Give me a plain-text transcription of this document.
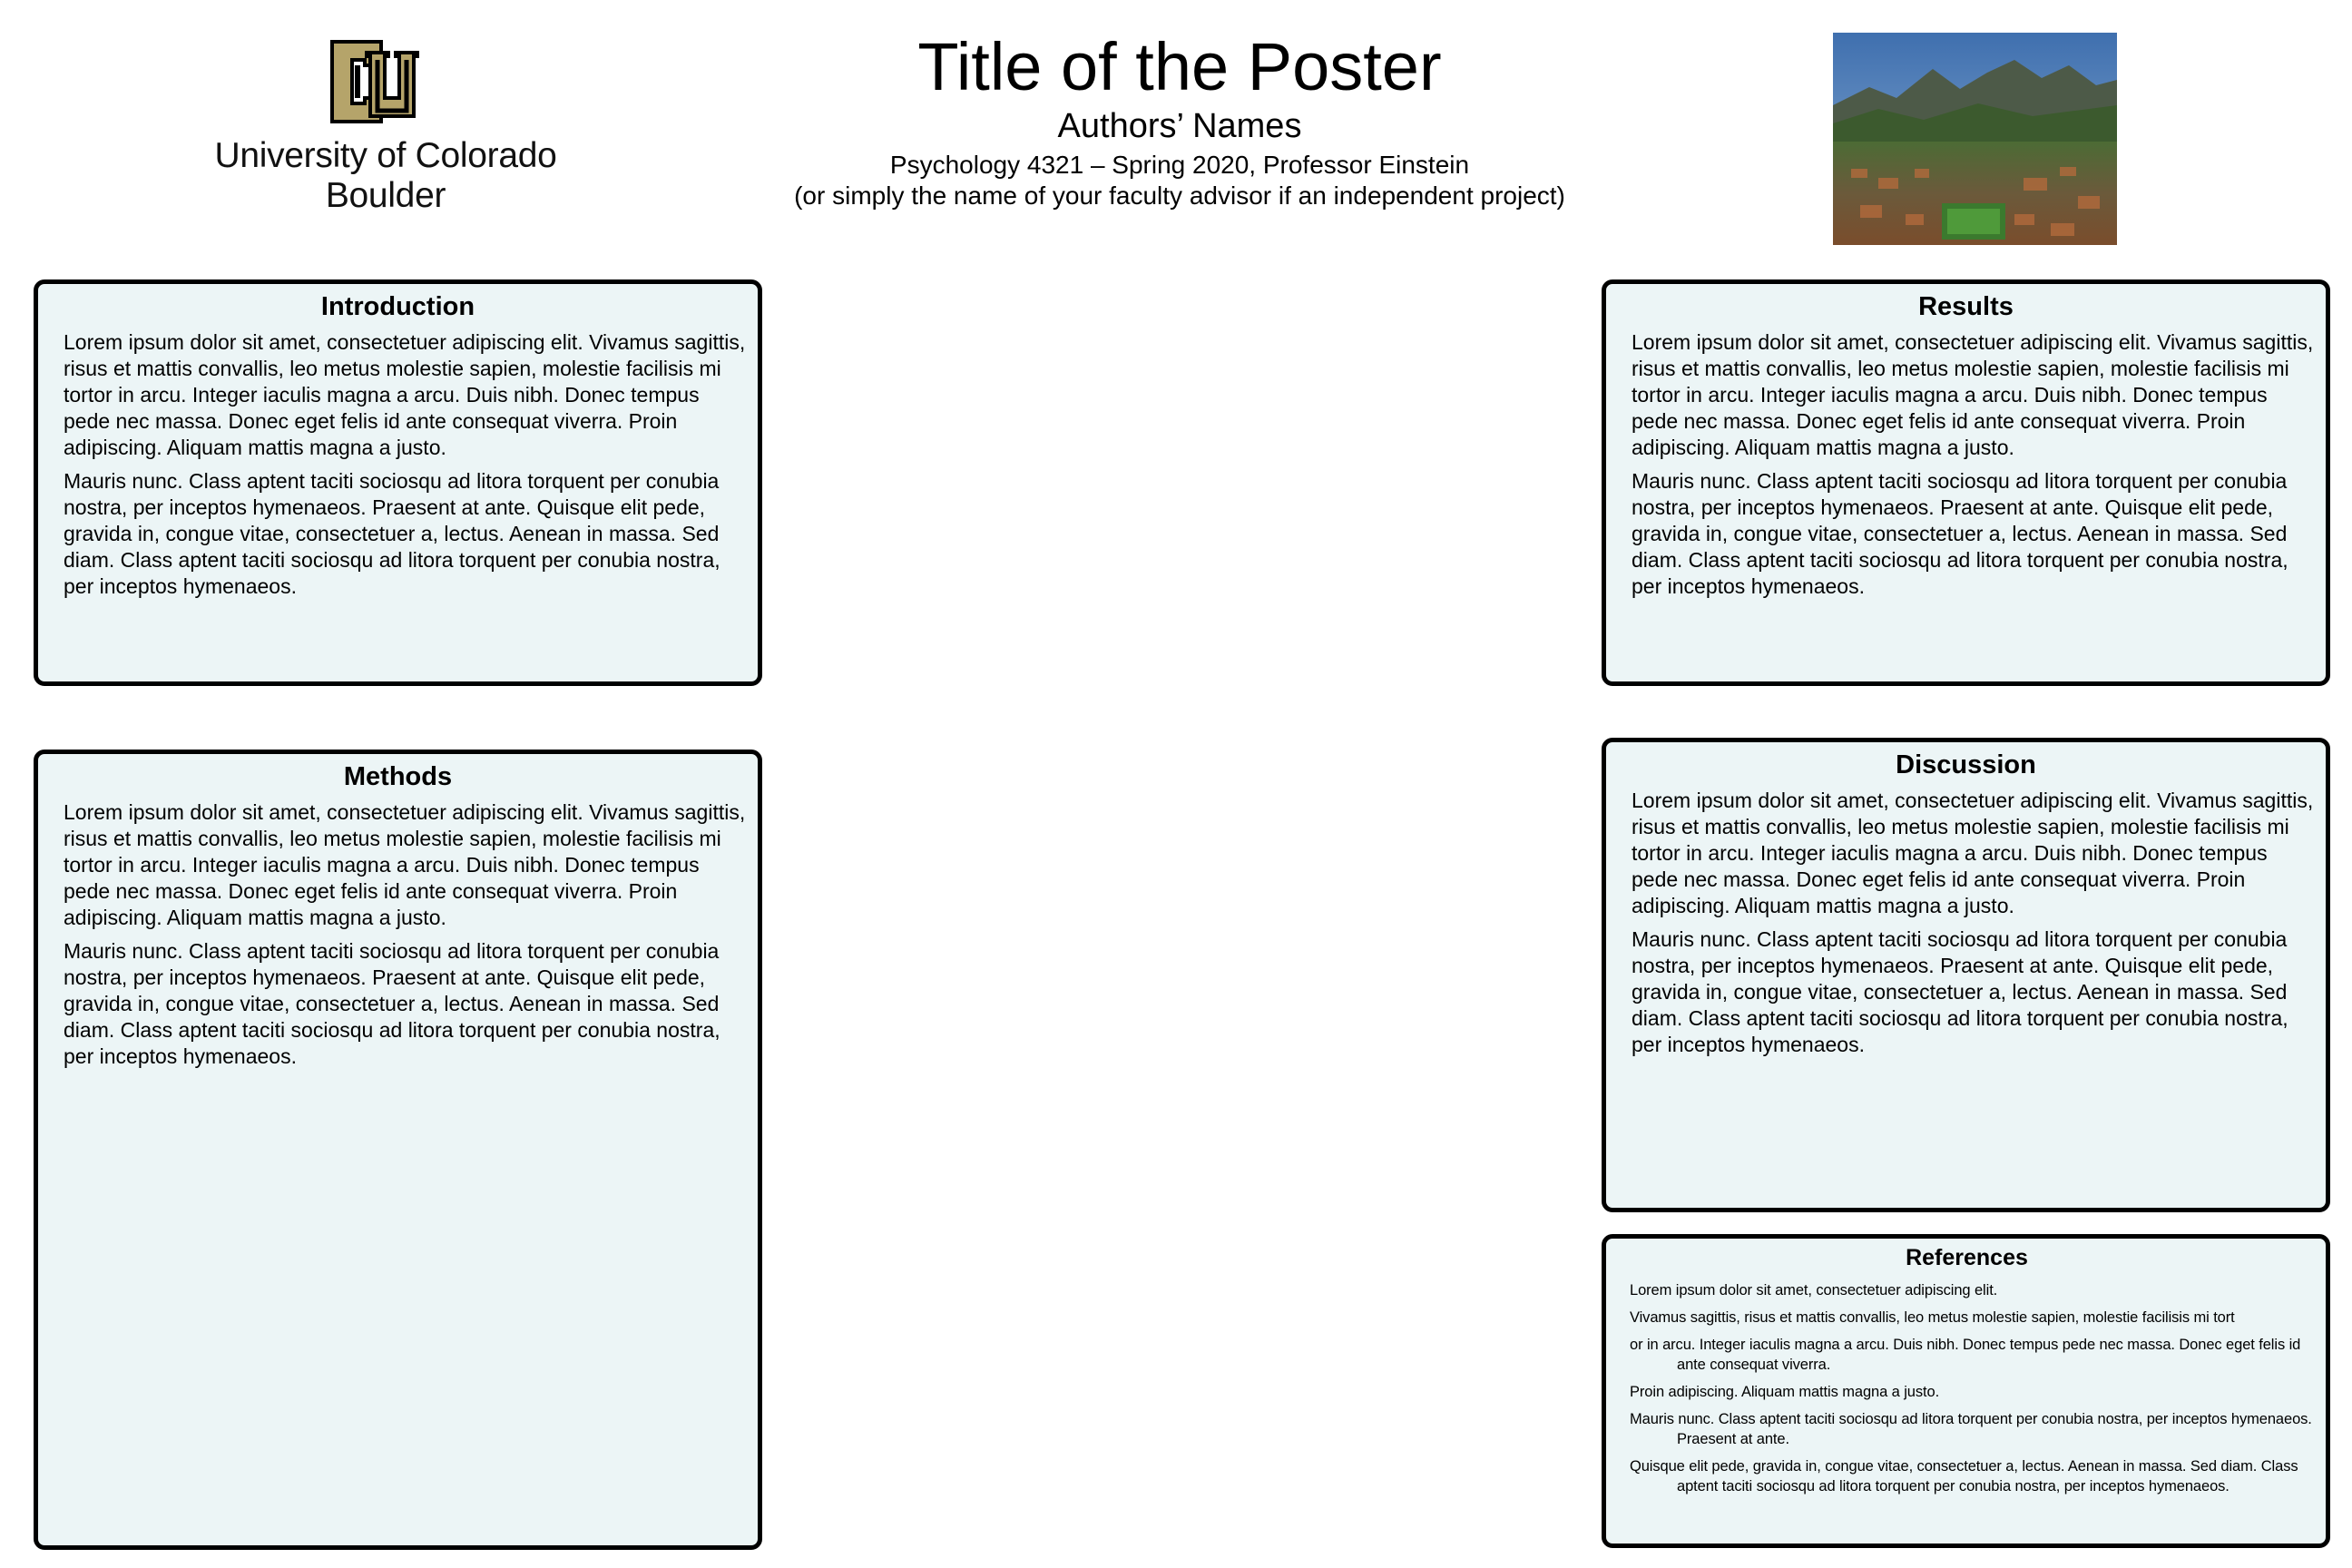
University of Colorado
Boulder
Title of the Poster
Authors’ Names
Psychology 4321 – Spring 2020, Professor Einstein
(or simply the name of your faculty advisor if an independent project)
Introduction

Lorem ipsum dolor sit amet, consectetuer adipiscing elit. Vivamus sagittis, risus et mattis convallis, leo metus molestie sapien, molestie facilisis mi tortor in arcu. Integer iaculis magna a arcu. Duis nibh. Donec tempus pede nec massa. Donec eget felis id ante consequat viverra. Proin adipiscing. Aliquam mattis magna a justo.

Mauris nunc. Class aptent taciti sociosqu ad litora torquent per conubia nostra, per inceptos hymenaeos. Praesent at ante. Quisque elit pede, gravida in, congue vitae, consectetuer a, lectus. Aenean in massa. Sed diam. Class aptent taciti sociosqu ad litora torquent per conubia nostra, per inceptos hymenaeos.

Methods

Lorem ipsum dolor sit amet, consectetuer adipiscing elit. Vivamus sagittis, risus et mattis convallis, leo metus molestie sapien, molestie facilisis mi tortor in arcu. Integer iaculis magna a arcu. Duis nibh. Donec tempus pede nec massa. Donec eget felis id ante consequat viverra. Proin adipiscing. Aliquam mattis magna a justo.

Mauris nunc. Class aptent taciti sociosqu ad litora torquent per conubia nostra, per inceptos hymenaeos. Praesent at ante. Quisque elit pede, gravida in, congue vitae, consectetuer a, lectus. Aenean in massa. Sed diam. Class aptent taciti sociosqu ad litora torquent per conubia nostra, per inceptos hymenaeos.

Results

Lorem ipsum dolor sit amet, consectetuer adipiscing elit. Vivamus sagittis, risus et mattis convallis, leo metus molestie sapien, molestie facilisis mi tortor in arcu. Integer iaculis magna a arcu. Duis nibh. Donec tempus pede nec massa. Donec eget felis id ante consequat viverra. Proin adipiscing. Aliquam mattis magna a justo.

Mauris nunc. Class aptent taciti sociosqu ad litora torquent per conubia nostra, per inceptos hymenaeos. Praesent at ante. Quisque elit pede, gravida in, congue vitae, consectetuer a, lectus. Aenean in massa. Sed diam. Class aptent taciti sociosqu ad litora torquent per conubia nostra, per inceptos hymenaeos.

Discussion

Lorem ipsum dolor sit amet, consectetuer adipiscing elit. Vivamus sagittis, risus et mattis convallis, leo metus molestie sapien, molestie facilisis mi tortor in arcu. Integer iaculis magna a arcu. Duis nibh. Donec tempus pede nec massa. Donec eget felis id ante consequat viverra. Proin adipiscing. Aliquam mattis magna a justo.

Mauris nunc. Class aptent taciti sociosqu ad litora torquent per conubia nostra, per inceptos hymenaeos. Praesent at ante. Quisque elit pede, gravida in, congue vitae, consectetuer a, lectus. Aenean in massa. Sed diam. Class aptent taciti sociosqu ad litora torquent per conubia nostra, per inceptos hymenaeos.

References
Lorem ipsum dolor sit amet, consectetuer adipiscing elit.
Vivamus sagittis, risus et mattis convallis, leo metus molestie sapien, molestie facilisis mi tort
or in arcu. Integer iaculis magna a arcu. Duis nibh. Donec tempus pede nec massa. Donec eget felis id ante consequat viverra.
Proin adipiscing. Aliquam mattis magna a justo.
Mauris nunc. Class aptent taciti sociosqu ad litora torquent per conubia nostra, per inceptos hymenaeos. Praesent at ante.
Quisque elit pede, gravida in, congue vitae, consectetuer a, lectus. Aenean in massa. Sed diam. Class aptent taciti sociosqu ad litora torquent per conubia nostra, per inceptos hymenaeos.
